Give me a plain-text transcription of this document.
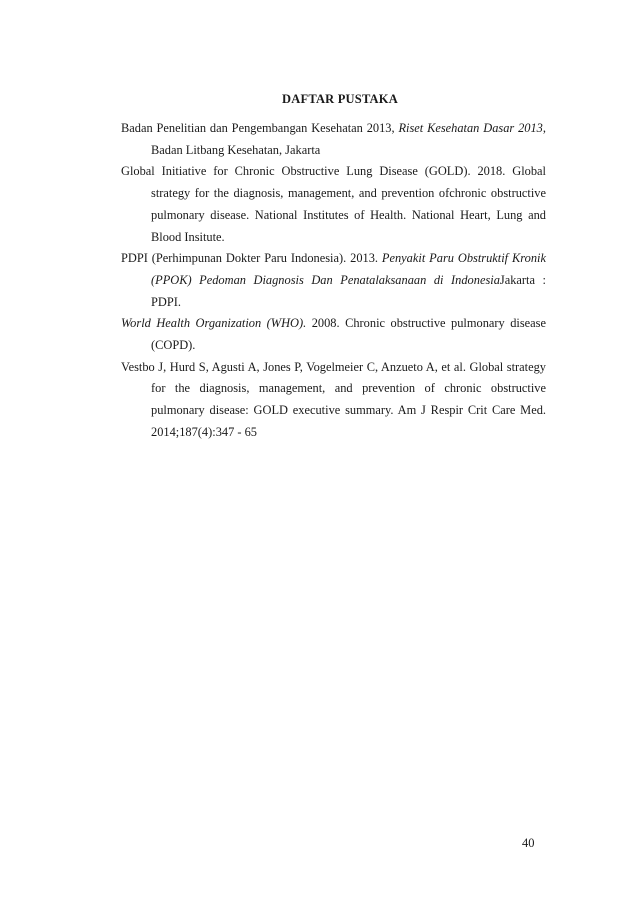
DAFTAR PUSTAKA

Badan Penelitian dan Pengembangan Kesehatan 2013, Riset Kesehatan Dasar 2013, Badan Litbang Kesehatan, Jakarta

Global Initiative for Chronic Obstructive Lung Disease (GOLD). 2018. Global strategy for the diagnosis, management, and prevention ofchronic obstructive pulmonary disease. National Institutes of Health. National Heart, Lung and Blood Insitute.

PDPI (Perhimpunan Dokter Paru Indonesia). 2013. Penyakit Paru Obstruktif Kronik (PPOK) Pedoman Diagnosis Dan Penatalaksanaan di IndonesiaJakarta : PDPI.

World Health Organization (WHO). 2008. Chronic obstructive pulmonary disease (COPD).

Vestbo J, Hurd S, Agusti A, Jones P, Vogelmeier C, Anzueto A, et al. Global strategy for the diagnosis, management, and prevention of chronic obstructive pulmonary disease: GOLD executive summary. Am J Respir Crit Care Med. 2014;187(4):347 - 65

40
